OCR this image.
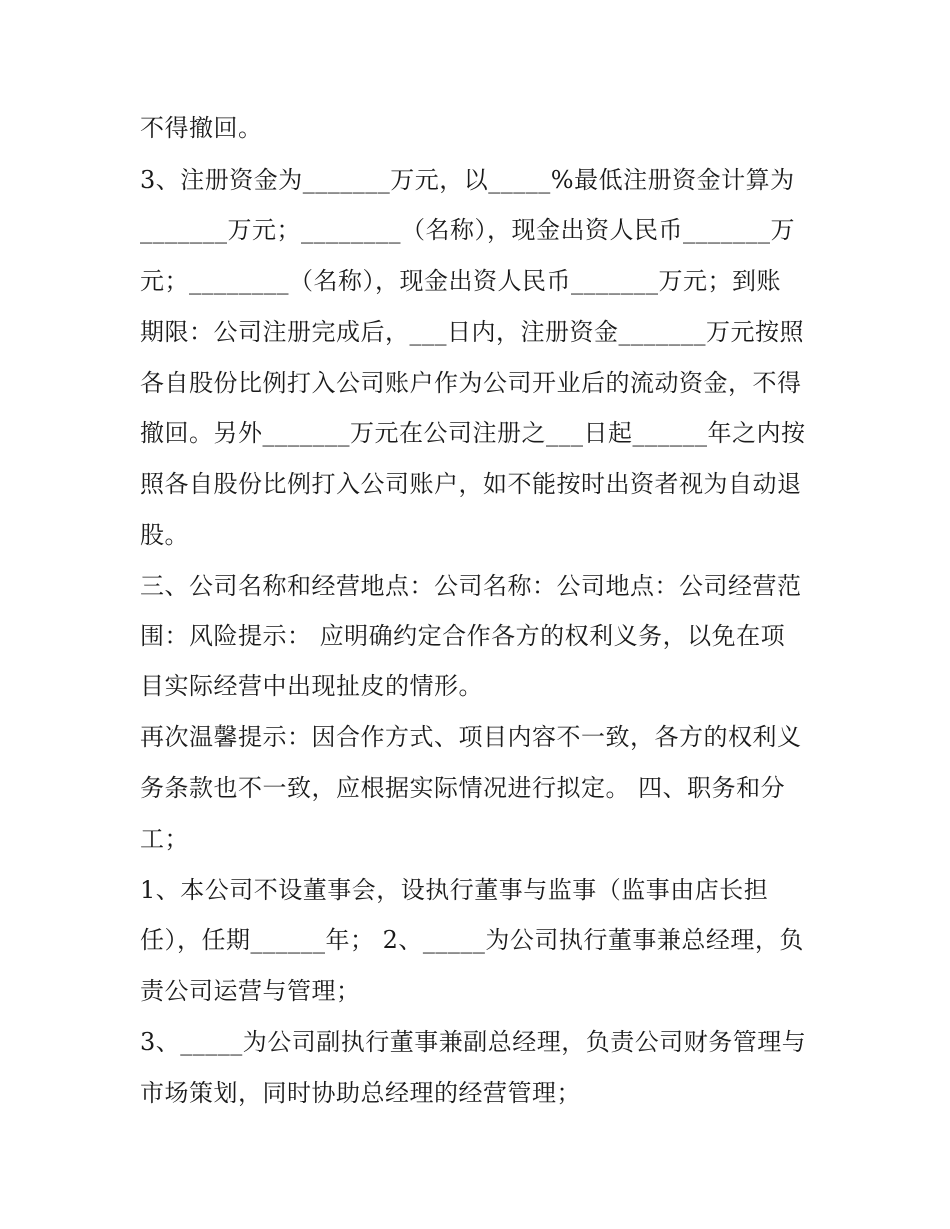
不得撤回。
3、注册资金为_______万元，以_____%最低注册资金计算为
_______万元；________（名称），现金出资人民币_______万
元；________（名称），现金出资人民币_______万元；到账
期限：公司注册完成后，___日内，注册资金_______万元按照
各自股份比例打入公司账户作为公司开业后的流动资金，不得
撤回。另外_______万元在公司注册之___日起______年之内按
照各自股份比例打入公司账户，如不能按时出资者视为自动退
股。
三、公司名称和经营地点：公司名称：公司地点：公司经营范
围：风险提示： 应明确约定合作各方的权利义务，以免在项
目实际经营中出现扯皮的情形。
再次温馨提示：因合作方式、项目内容不一致，各方的权利义
务条款也不一致，应根据实际情况进行拟定。 四、职务和分
工；
1、本公司不设董事会，设执行董事与监事（监事由店长担
任），任期______年； 2、_____为公司执行董事兼总经理，负
责公司运营与管理；
3、_____为公司副执行董事兼副总经理，负责公司财务管理与
市场策划，同时协助总经理的经营管理；
